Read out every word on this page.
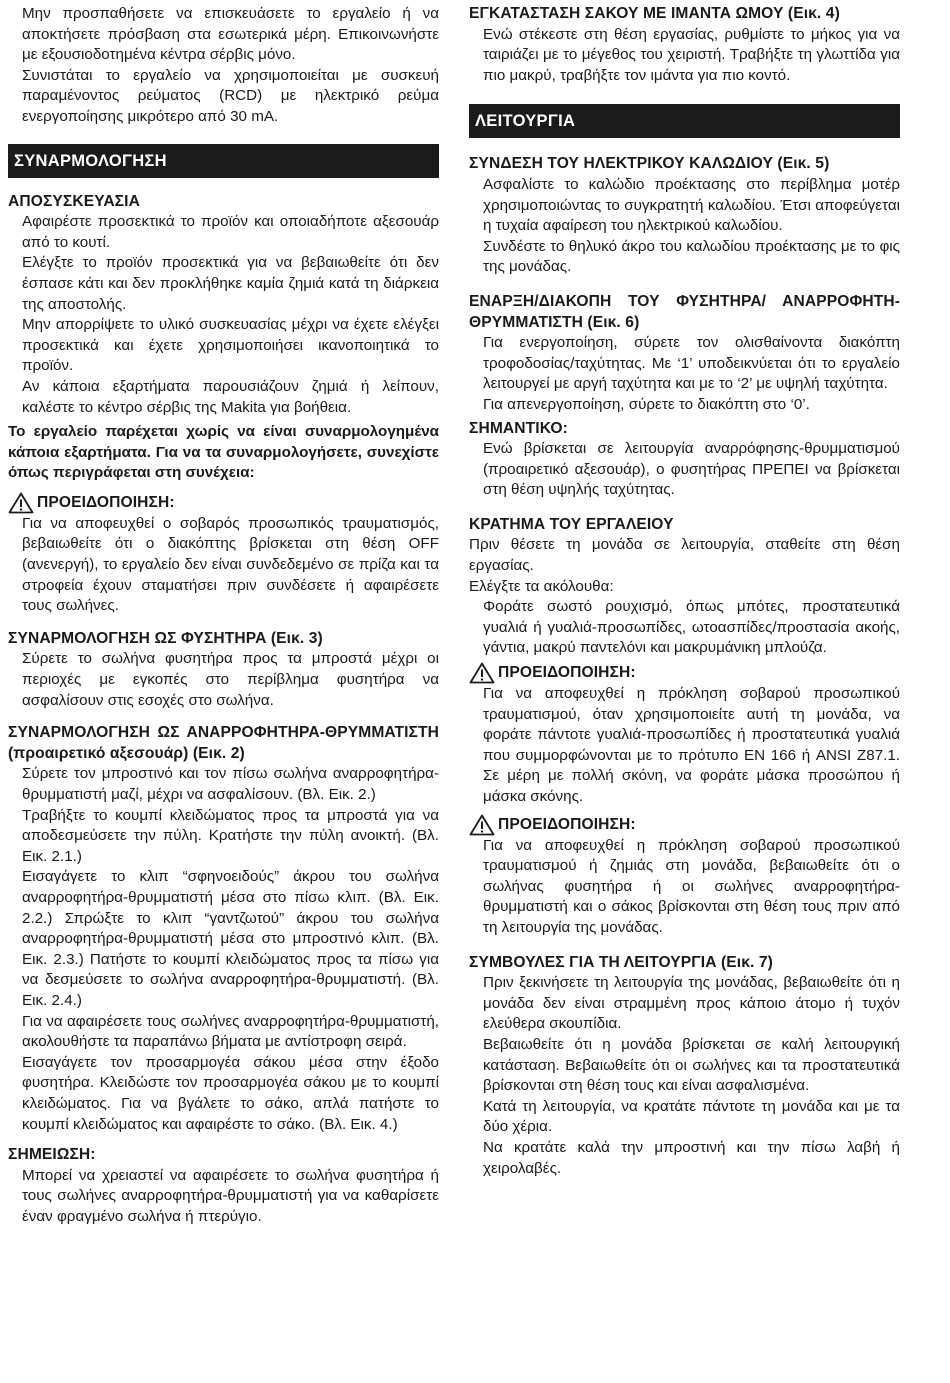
Μην προσπαθήσετε να επισκευάσετε το εργαλείο ή να αποκτήσετε πρόσβαση στα εσωτερικά μέρη. Επικοινωνήστε με εξουσιοδοτημένα κέντρα σέρβις μόνο.

Συνιστάται το εργαλείο να χρησιμοποιείται με συσκευή παραμένοντος ρεύματος (RCD) με ηλεκτρικό ρεύμα ενεργοποίησης μικρότερο από 30 mA.

ΣΥΝΑΡΜΟΛΟΓΗΣΗ
ΑΠΟΣΥΣΚΕΥΑΣΙΑ

Αφαιρέστε προσεκτικά το προϊόν και οποιαδήποτε αξεσουάρ από το κουτί.

Ελέγξτε το προϊόν προσεκτικά για να βεβαιωθείτε ότι δεν έσπασε κάτι και δεν προκλήθηκε καμία ζημιά κατά τη διάρκεια της αποστολής.

Μην απορρίψετε το υλικό συσκευασίας μέχρι να έχετε ελέγξει προσεκτικά και έχετε χρησιμοποιήσει ικανοποιητικά το προϊόν.

Αν κάποια εξαρτήματα παρουσιάζουν ζημιά ή λείπουν, καλέστε το κέντρο σέρβις της Makita για βοήθεια.

Το εργαλείο παρέχεται χωρίς να είναι συναρμολογημένα κάποια εξαρτήματα. Για να τα συναρμολογήσετε, συνεχίστε όπως περιγράφεται στη συνέχεια:

ΠΡΟΕΙΔΟΠΟΙΗΣΗ:

Για να αποφευχθεί ο σοβαρός προσωπικός τραυματισμός, βεβαιωθείτε ότι ο διακόπτης βρίσκεται στη θέση OFF (ανενεργή), το εργαλείο δεν είναι συνδεδεμένο σε πρίζα και τα στροφεία έχουν σταματήσει πριν συνδέσετε ή αφαιρέσετε τους σωλήνες.

ΣΥΝΑΡΜΟΛΟΓΗΣΗ ΩΣ ΦΥΣΗΤΗΡΑ (Εικ. 3)

Σύρετε το σωλήνα φυσητήρα προς τα μπροστά μέχρι οι περιοχές με εγκοπές στο περίβλημα φυσητήρα να ασφαλίσουν στις εσοχές στο σωλήνα.

ΣΥΝΑΡΜΟΛΟΓΗΣΗ ΩΣ ΑΝΑΡΡΟΦΗΤΗΡΑ-ΘΡΥΜΜΑΤΙΣΤΗ (προαιρετικό αξεσουάρ) (Εικ. 2)

Σύρετε τον μπροστινό και τον πίσω σωλήνα αναρροφητήρα-θρυμματιστή μαζί, μέχρι να ασφαλίσουν. (Βλ. Εικ. 2.)

Τραβήξτε το κουμπί κλειδώματος προς τα μπροστά για να αποδεσμεύσετε την πύλη. Κρατήστε την πύλη ανοικτή. (Βλ. Εικ. 2.1.)

Εισαγάγετε το κλιπ “σφηνοειδούς” άκρου του σωλήνα αναρροφητήρα-θρυμματιστή μέσα στο πίσω κλιπ. (Βλ. Εικ. 2.2.) Σπρώξτε το κλιπ “γαντζωτού” άκρου του σωλήνα αναρροφητήρα-θρυμματιστή μέσα στο μπροστινό κλιπ. (Βλ. Εικ. 2.3.) Πατήστε το κουμπί κλειδώματος προς τα πίσω για να δεσμεύσετε το σωλήνα αναρροφητήρα-θρυμματιστή. (Βλ. Εικ. 2.4.)

Για να αφαιρέσετε τους σωλήνες αναρροφητήρα-θρυμματιστή, ακολουθήστε τα παραπάνω βήματα με αντίστροφη σειρά.

Εισαγάγετε τον προσαρμογέα σάκου μέσα στην έξοδο φυσητήρα. Κλειδώστε τον προσαρμογέα σάκου με το κουμπί κλειδώματος. Για να βγάλετε το σάκο, απλά πατήστε το κουμπί κλειδώματος και αφαιρέστε το σάκο. (Βλ. Εικ. 4.)

ΣΗΜΕΙΩΣΗ:

Μπορεί να χρειαστεί να αφαιρέσετε το σωλήνα φυσητήρα ή τους σωλήνες αναρροφητήρα-θρυμματιστή για να καθαρίσετε έναν φραγμένο σωλήνα ή πτερύγιο.

ΕΓΚΑΤΑΣΤΑΣΗ ΣΑΚΟΥ ΜΕ ΙΜΑΝΤΑ ΩΜΟΥ (Εικ. 4)

Ενώ στέκεστε στη θέση εργασίας, ρυθμίστε το μήκος για να ταιριάζει με το μέγεθος του χειριστή. Τραβήξτε τη γλωττίδα για πιο μακρύ, τραβήξτε τον ιμάντα για πιο κοντό.

ΛΕΙΤΟΥΡΓΙΑ
ΣΥΝΔΕΣΗ ΤΟΥ ΗΛΕΚΤΡΙΚΟΥ ΚΑΛΩΔΙΟΥ (Εικ. 5)

Ασφαλίστε το καλώδιο προέκτασης στο περίβλημα μοτέρ χρησιμοποιώντας το συγκρατητή καλωδίου. Έτσι αποφεύγεται η τυχαία αφαίρεση του ηλεκτρικού καλωδίου.

Συνδέστε το θηλυκό άκρο του καλωδίου προέκτασης με το φις της μονάδας.

ΕΝΑΡΞΗ/ΔΙΑΚΟΠΗ ΤΟΥ ΦΥΣΗΤΗΡΑ/ ΑΝΑΡΡΟΦΗΤΗ-ΘΡΥΜΜΑΤΙΣΤΗ (Εικ. 6)

Για ενεργοποίηση, σύρετε τον ολισθαίνοντα διακόπτη τροφοδοσίας/ταχύτητας. Με ‘1’ υποδεικνύεται ότι το εργαλείο λειτουργεί με αργή ταχύτητα και με το ‘2’ με υψηλή ταχύτητα.

Για απενεργοποίηση, σύρετε το διακόπτη στο ‘0’.

ΣΗΜΑΝΤΙΚΟ:

Ενώ βρίσκεται σε λειτουργία αναρρόφησης-θρυμματισμού (προαιρετικό αξεσουάρ), ο φυσητήρας ΠΡΕΠΕΙ να βρίσκεται στη θέση υψηλής ταχύτητας.

ΚΡΑΤΗΜΑ ΤΟΥ ΕΡΓΑΛΕΙΟΥ

Πριν θέσετε τη μονάδα σε λειτουργία, σταθείτε στη θέση εργασίας.

Ελέγξτε τα ακόλουθα:

Φοράτε σωστό ρουχισμό, όπως μπότες, προστατευτικά γυαλιά ή γυαλιά-προσωπίδες, ωτοασπίδες/προστασία ακοής, γάντια, μακρύ παντελόνι και μακρυμάνικη μπλούζα.

ΠΡΟΕΙΔΟΠΟΙΗΣΗ:

Για να αποφευχθεί η πρόκληση σοβαρού προσωπικού τραυματισμού, όταν χρησιμοποιείτε αυτή τη μονάδα, να φοράτε πάντοτε γυαλιά-προσωπίδες ή προστατευτικά γυαλιά που συμμορφώνονται με το πρότυπο EN 166 ή ANSI Z87.1. Σε μέρη με πολλή σκόνη, να φοράτε μάσκα προσώπου ή μάσκα σκόνης.

ΠΡΟΕΙΔΟΠΟΙΗΣΗ:

Για να αποφευχθεί η πρόκληση σοβαρού προσωπικού τραυματισμού ή ζημιάς στη μονάδα, βεβαιωθείτε ότι ο σωλήνας φυσητήρα ή οι σωλήνες αναρροφητήρα-θρυμματιστή και ο σάκος βρίσκονται στη θέση τους πριν από τη λειτουργία της μονάδας.

ΣΥΜΒΟΥΛΕΣ ΓΙΑ ΤΗ ΛΕΙΤΟΥΡΓΙΑ (Εικ. 7)

Πριν ξεκινήσετε τη λειτουργία της μονάδας, βεβαιωθείτε ότι η μονάδα δεν είναι στραμμένη προς κάποιο άτομο ή τυχόν ελεύθερα σκουπίδια.

Βεβαιωθείτε ότι η μονάδα βρίσκεται σε καλή λειτουργική κατάσταση. Βεβαιωθείτε ότι οι σωλήνες και τα προστατευτικά βρίσκονται στη θέση τους και είναι ασφαλισμένα.

Κατά τη λειτουργία, να κρατάτε πάντοτε τη μονάδα και με τα δύο χέρια.

Να κρατάτε καλά την μπροστινή και την πίσω λαβή ή χειρολαβές.
